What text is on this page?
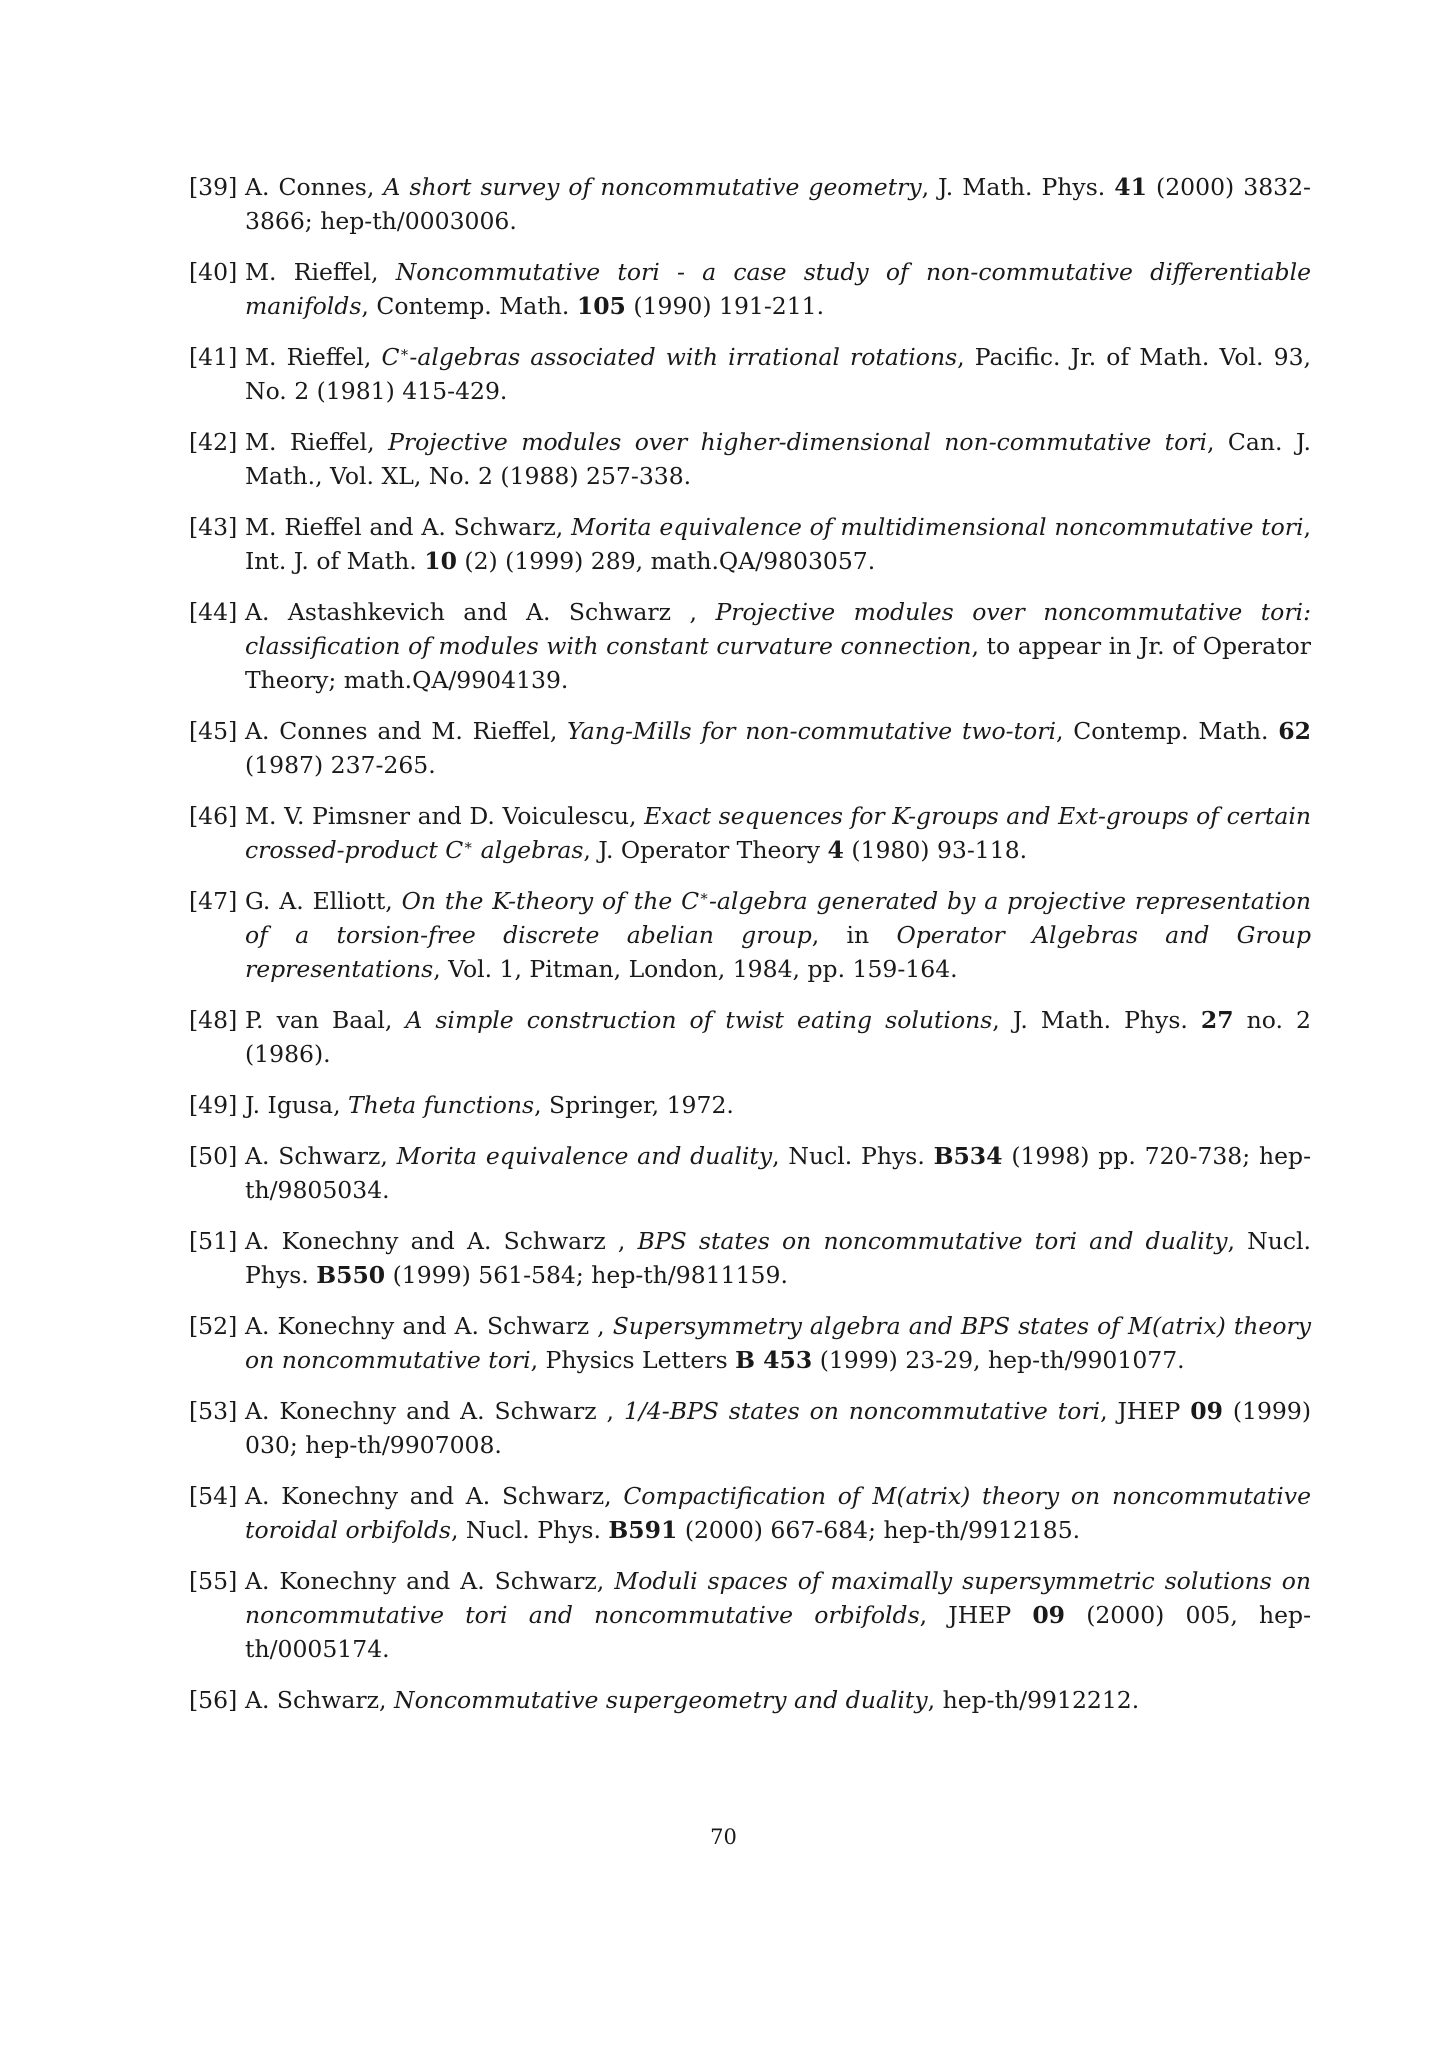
[39] A. Connes, A short survey of noncommutative geometry, J. Math. Phys. 41 (2000) 3832-3866; hep-th/0003006.
[40] M. Rieffel, Noncommutative tori - a case study of non-commutative differentiable manifolds, Contemp. Math. 105 (1990) 191-211.
[41] M. Rieffel, C∗-algebras associated with irrational rotations, Pacific. Jr. of Math. Vol. 93, No. 2 (1981) 415-429.
[42] M. Rieffel, Projective modules over higher-dimensional non-commutative tori, Can. J. Math., Vol. XL, No. 2 (1988) 257-338.
[43] M. Rieffel and A. Schwarz, Morita equivalence of multidimensional noncommutative tori, Int. J. of Math. 10 (2) (1999) 289, math.QA/9803057.
[44] A. Astashkevich and A. Schwarz , Projective modules over noncommutative tori: classification of modules with constant curvature connection, to appear in Jr. of Operator Theory; math.QA/9904139.
[45] A. Connes and M. Rieffel, Yang-Mills for non-commutative two-tori, Contemp. Math. 62 (1987) 237-265.
[46] M. V. Pimsner and D. Voiculescu, Exact sequences for K-groups and Ext-groups of certain crossed-product C∗ algebras, J. Operator Theory 4 (1980) 93-118.
[47] G. A. Elliott, On the K-theory of the C∗-algebra generated by a projective representation of a torsion-free discrete abelian group, in Operator Algebras and Group representations, Vol. 1, Pitman, London, 1984, pp. 159-164.
[48] P. van Baal, A simple construction of twist eating solutions, J. Math. Phys. 27 no. 2 (1986).
[49] J. Igusa, Theta functions, Springer, 1972.
[50] A. Schwarz, Morita equivalence and duality, Nucl. Phys. B534 (1998) pp. 720-738; hep-th/9805034.
[51] A. Konechny and A. Schwarz , BPS states on noncommutative tori and duality, Nucl. Phys. B550 (1999) 561-584; hep-th/9811159.
[52] A. Konechny and A. Schwarz , Supersymmetry algebra and BPS states of M(atrix) theory on noncommutative tori, Physics Letters B 453 (1999) 23-29, hep-th/9901077.
[53] A. Konechny and A. Schwarz , 1/4-BPS states on noncommutative tori, JHEP 09 (1999) 030; hep-th/9907008.
[54] A. Konechny and A. Schwarz, Compactification of M(atrix) theory on noncommutative toroidal orbifolds, Nucl. Phys. B591 (2000) 667-684; hep-th/9912185.
[55] A. Konechny and A. Schwarz, Moduli spaces of maximally supersymmetric solutions on noncommutative tori and noncommutative orbifolds, JHEP 09 (2000) 005, hep-th/0005174.
[56] A. Schwarz, Noncommutative supergeometry and duality, hep-th/9912212.
70
